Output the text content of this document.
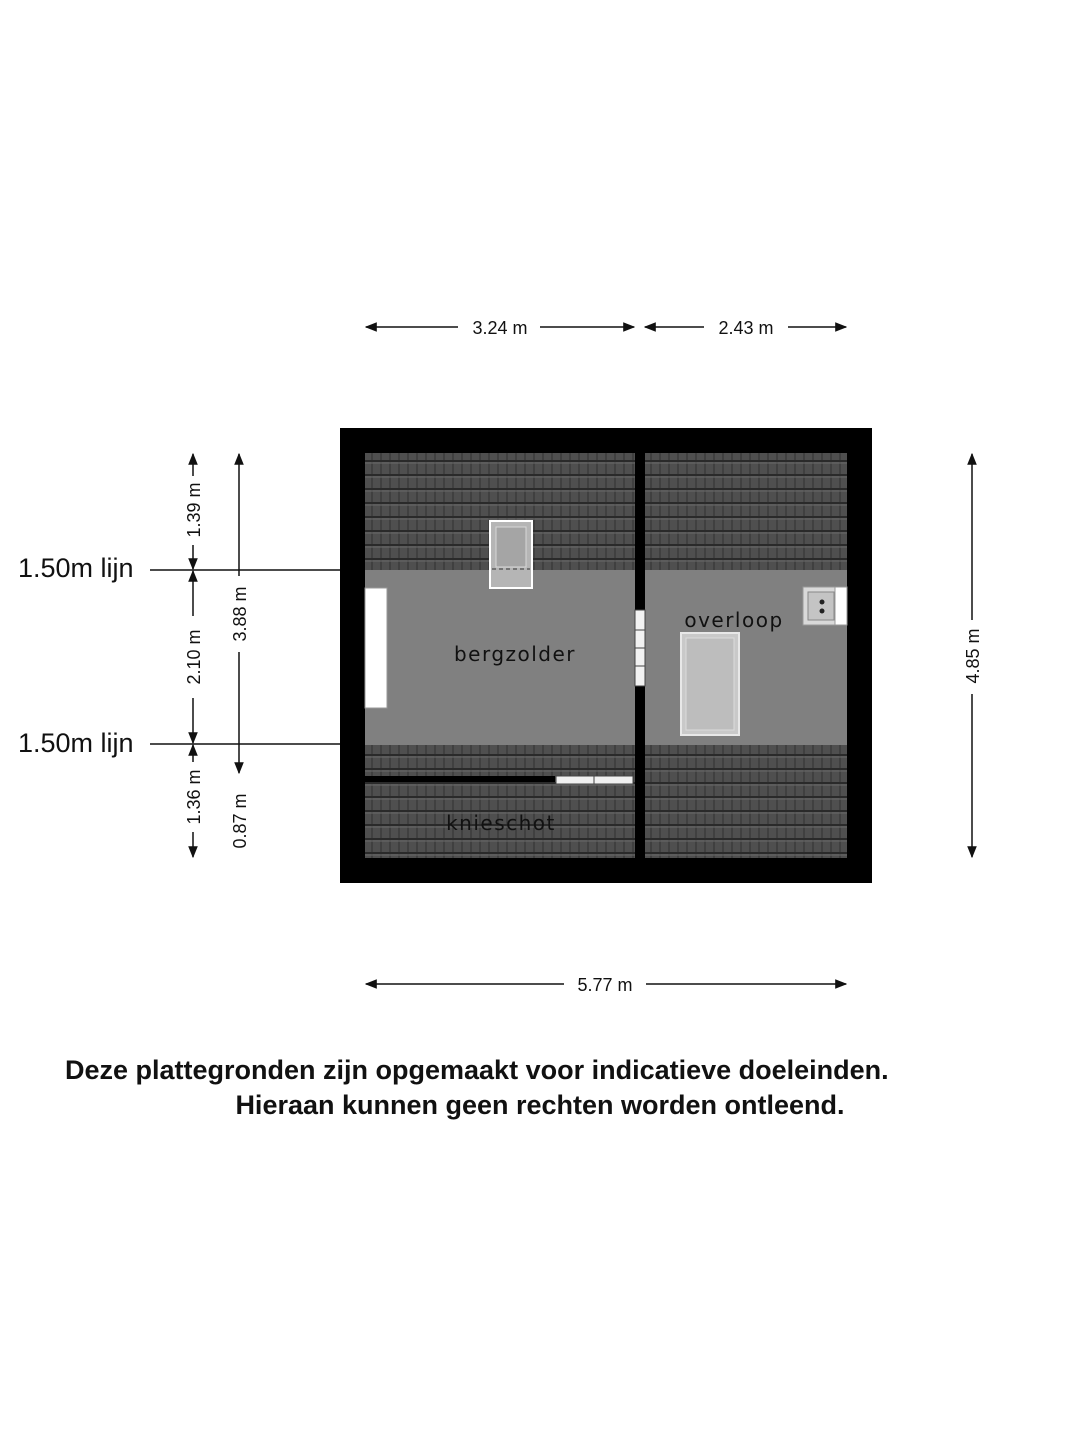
bergzolder
overloop
knieschot
3.24 m	2.43 m
5.77 m
4.85 m
1.39 m
2.10 m
1.36 m
3.88 m
0.87 m
1.50m lijn
1.50m lijn

Deze plattegronden zijn opgemaakt voor indicatieve doeleinden.

Hieraan kunnen geen rechten worden ontleend.
